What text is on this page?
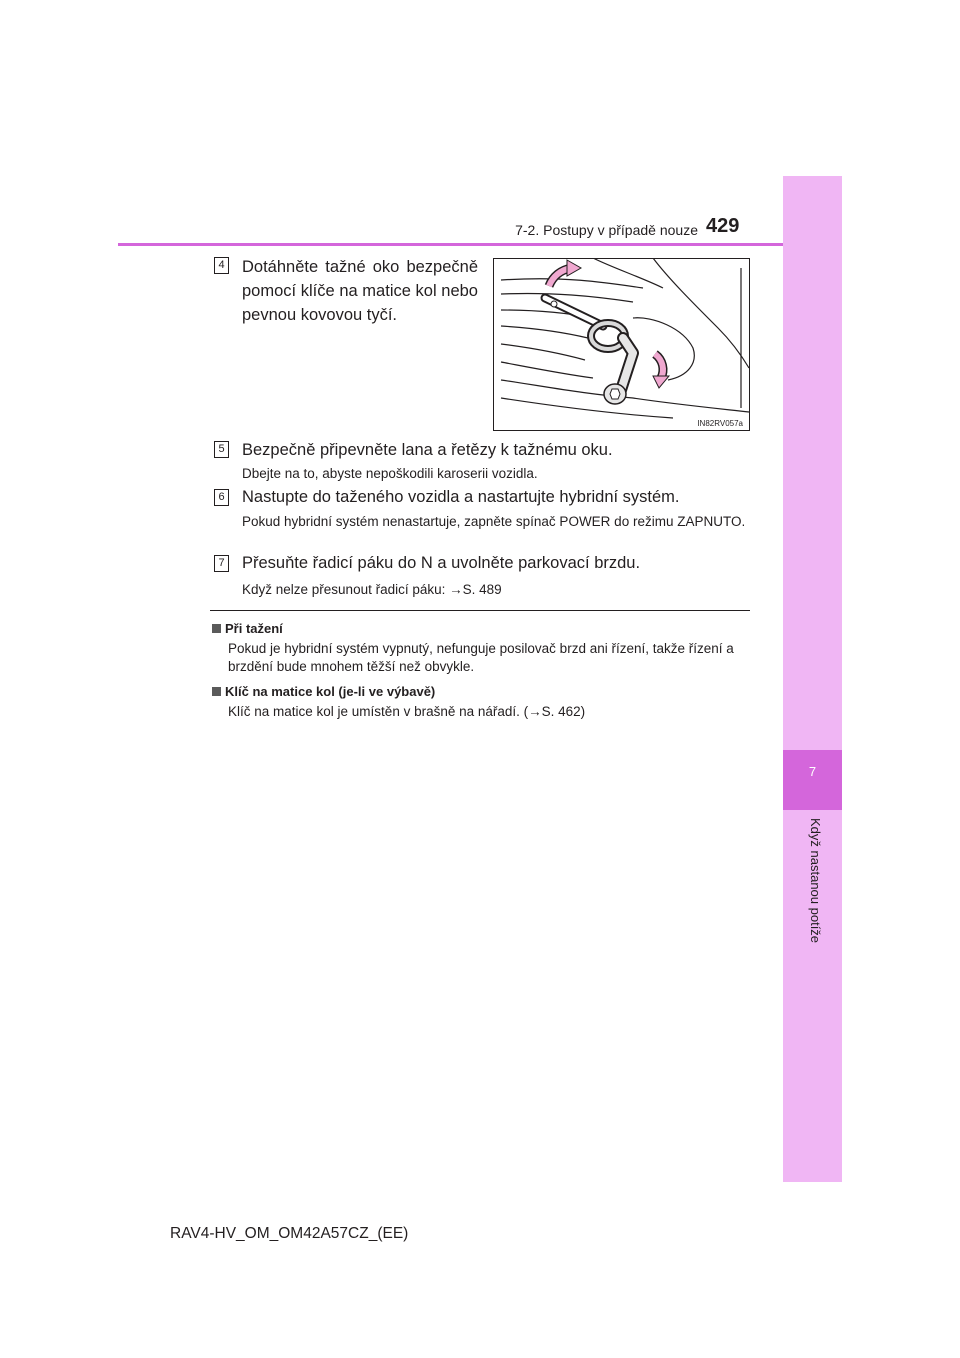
7
Když nastanou potíže
7-2. Postupy v případě nouze 429
4 Dotáhněte tažné oko bezpečně pomocí klíče na matice kol nebo pevnou kovovou tyčí.
IN82RV057a
5 Bezpečně připevněte lana a řetězy k tažnému oku.
Dbejte na to, abyste nepoškodili karoserii vozidla.
6 Nastupte do taženého vozidla a nastartujte hybridní systém.
Pokud hybridní systém nenastartuje, zapněte spínač POWER do režimu ZAPNUTO.
7 Přesuňte řadicí páku do N a uvolněte parkovací brzdu.
Když nelze přesunout řadicí páku: →S. 489
Při tažení
Pokud je hybridní systém vypnutý, nefunguje posilovač brzd ani řízení, takže řízení a brzdění bude mnohem těžší než obvykle.
Klíč na matice kol (je-li ve výbavě)
Klíč na matice kol je umístěn v brašně na nářadí. (→S. 462)
RAV4-HV_OM_OM42A57CZ_(EE)
